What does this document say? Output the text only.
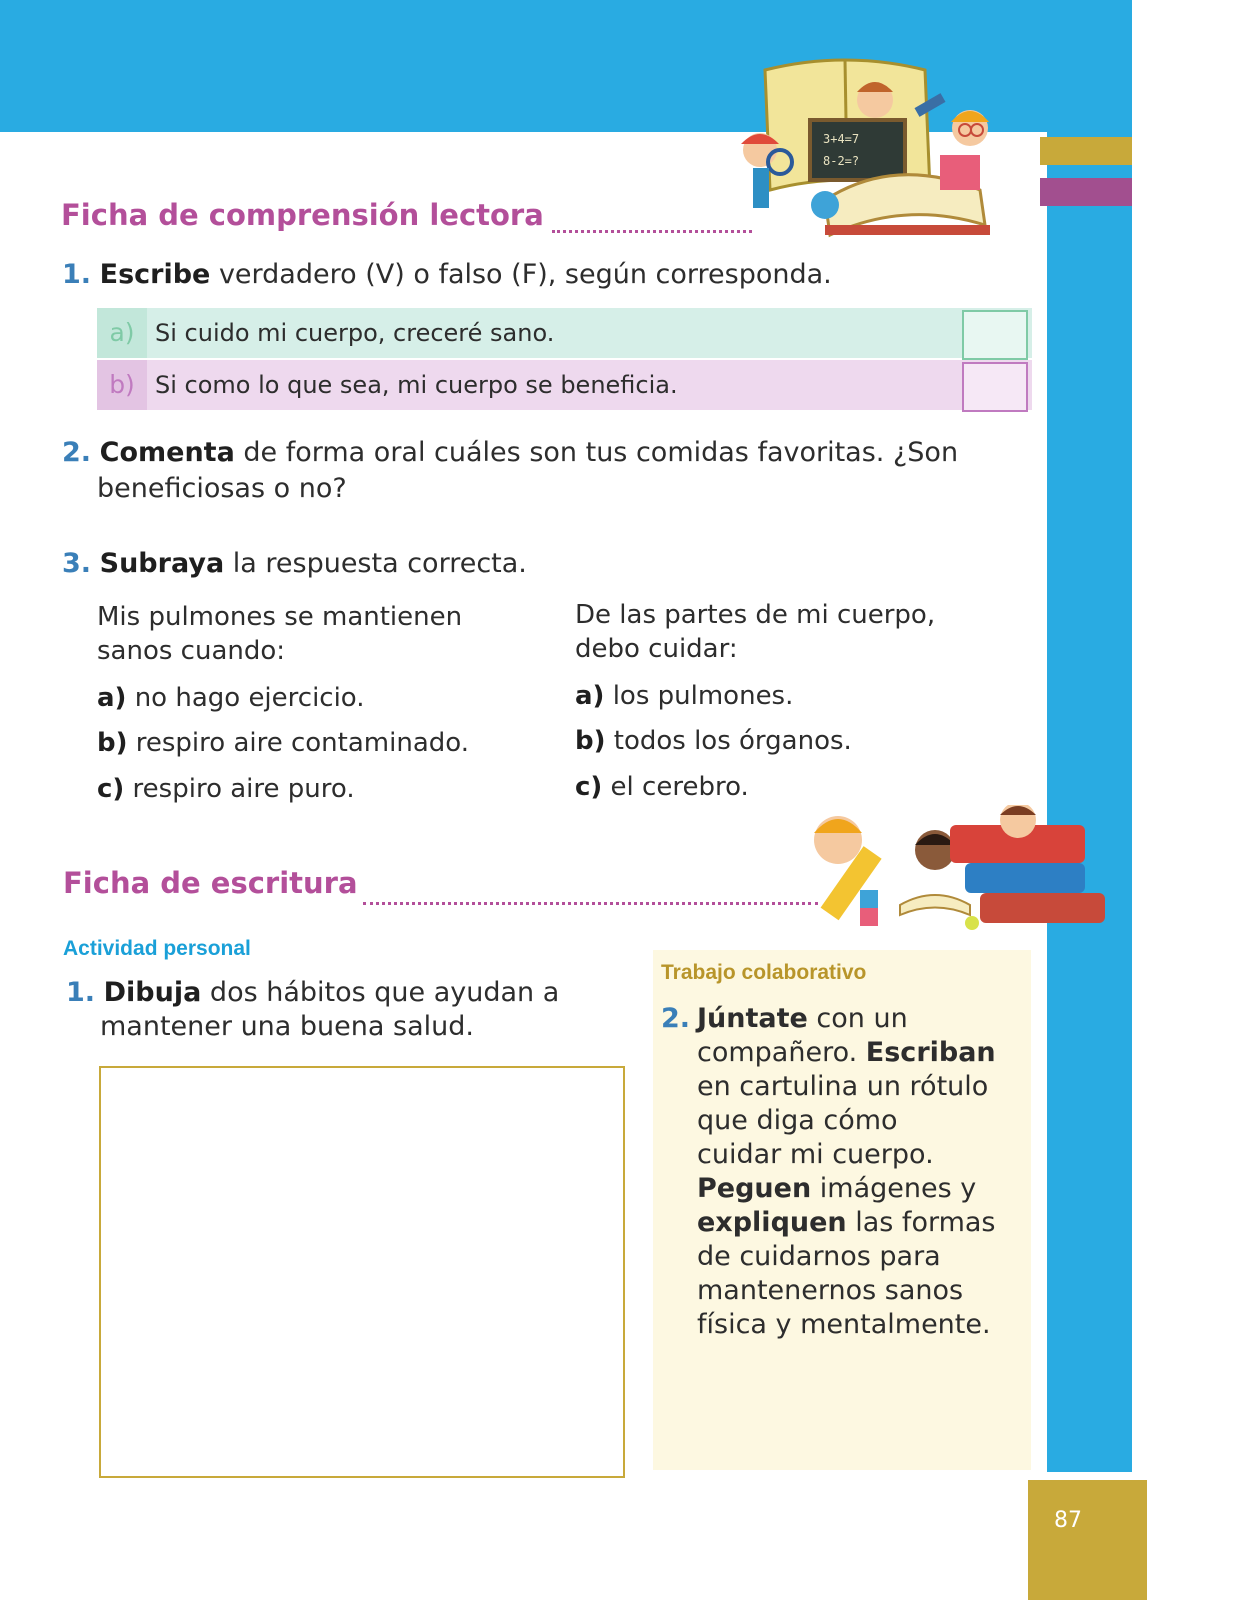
87
3+4=7
8-2=?
Ficha de comprensión lectora
1. Escribe verdadero (V) o falso (F), según corresponda.
a) Si cuido mi cuerpo, creceré sano.
b) Si como lo que sea, mi cuerpo se beneficia.
2. Comenta de forma oral cuáles son tus comidas favoritas. ¿Son
beneficiosas o no?
3. Subraya la respuesta correcta.
Mis pulmones se mantienen
sanos cuando:
a) no hago ejercicio.
b) respiro aire contaminado.
c) respiro aire puro.
De las partes de mi cuerpo,
debo cuidar:
a) los pulmones.
b) todos los órganos.
c) el cerebro.
Ficha de escritura
Actividad personal
1. Dibuja dos hábitos que ayudan a
mantener una buena salud.
Trabajo colaborativo
2. Júntate con un
compañero. Escriban
en cartulina un rótulo
que diga cómo
cuidar mi cuerpo.
Peguen imágenes y
expliquen las formas
de cuidarnos para
mantenernos sanos
física y mentalmente.
